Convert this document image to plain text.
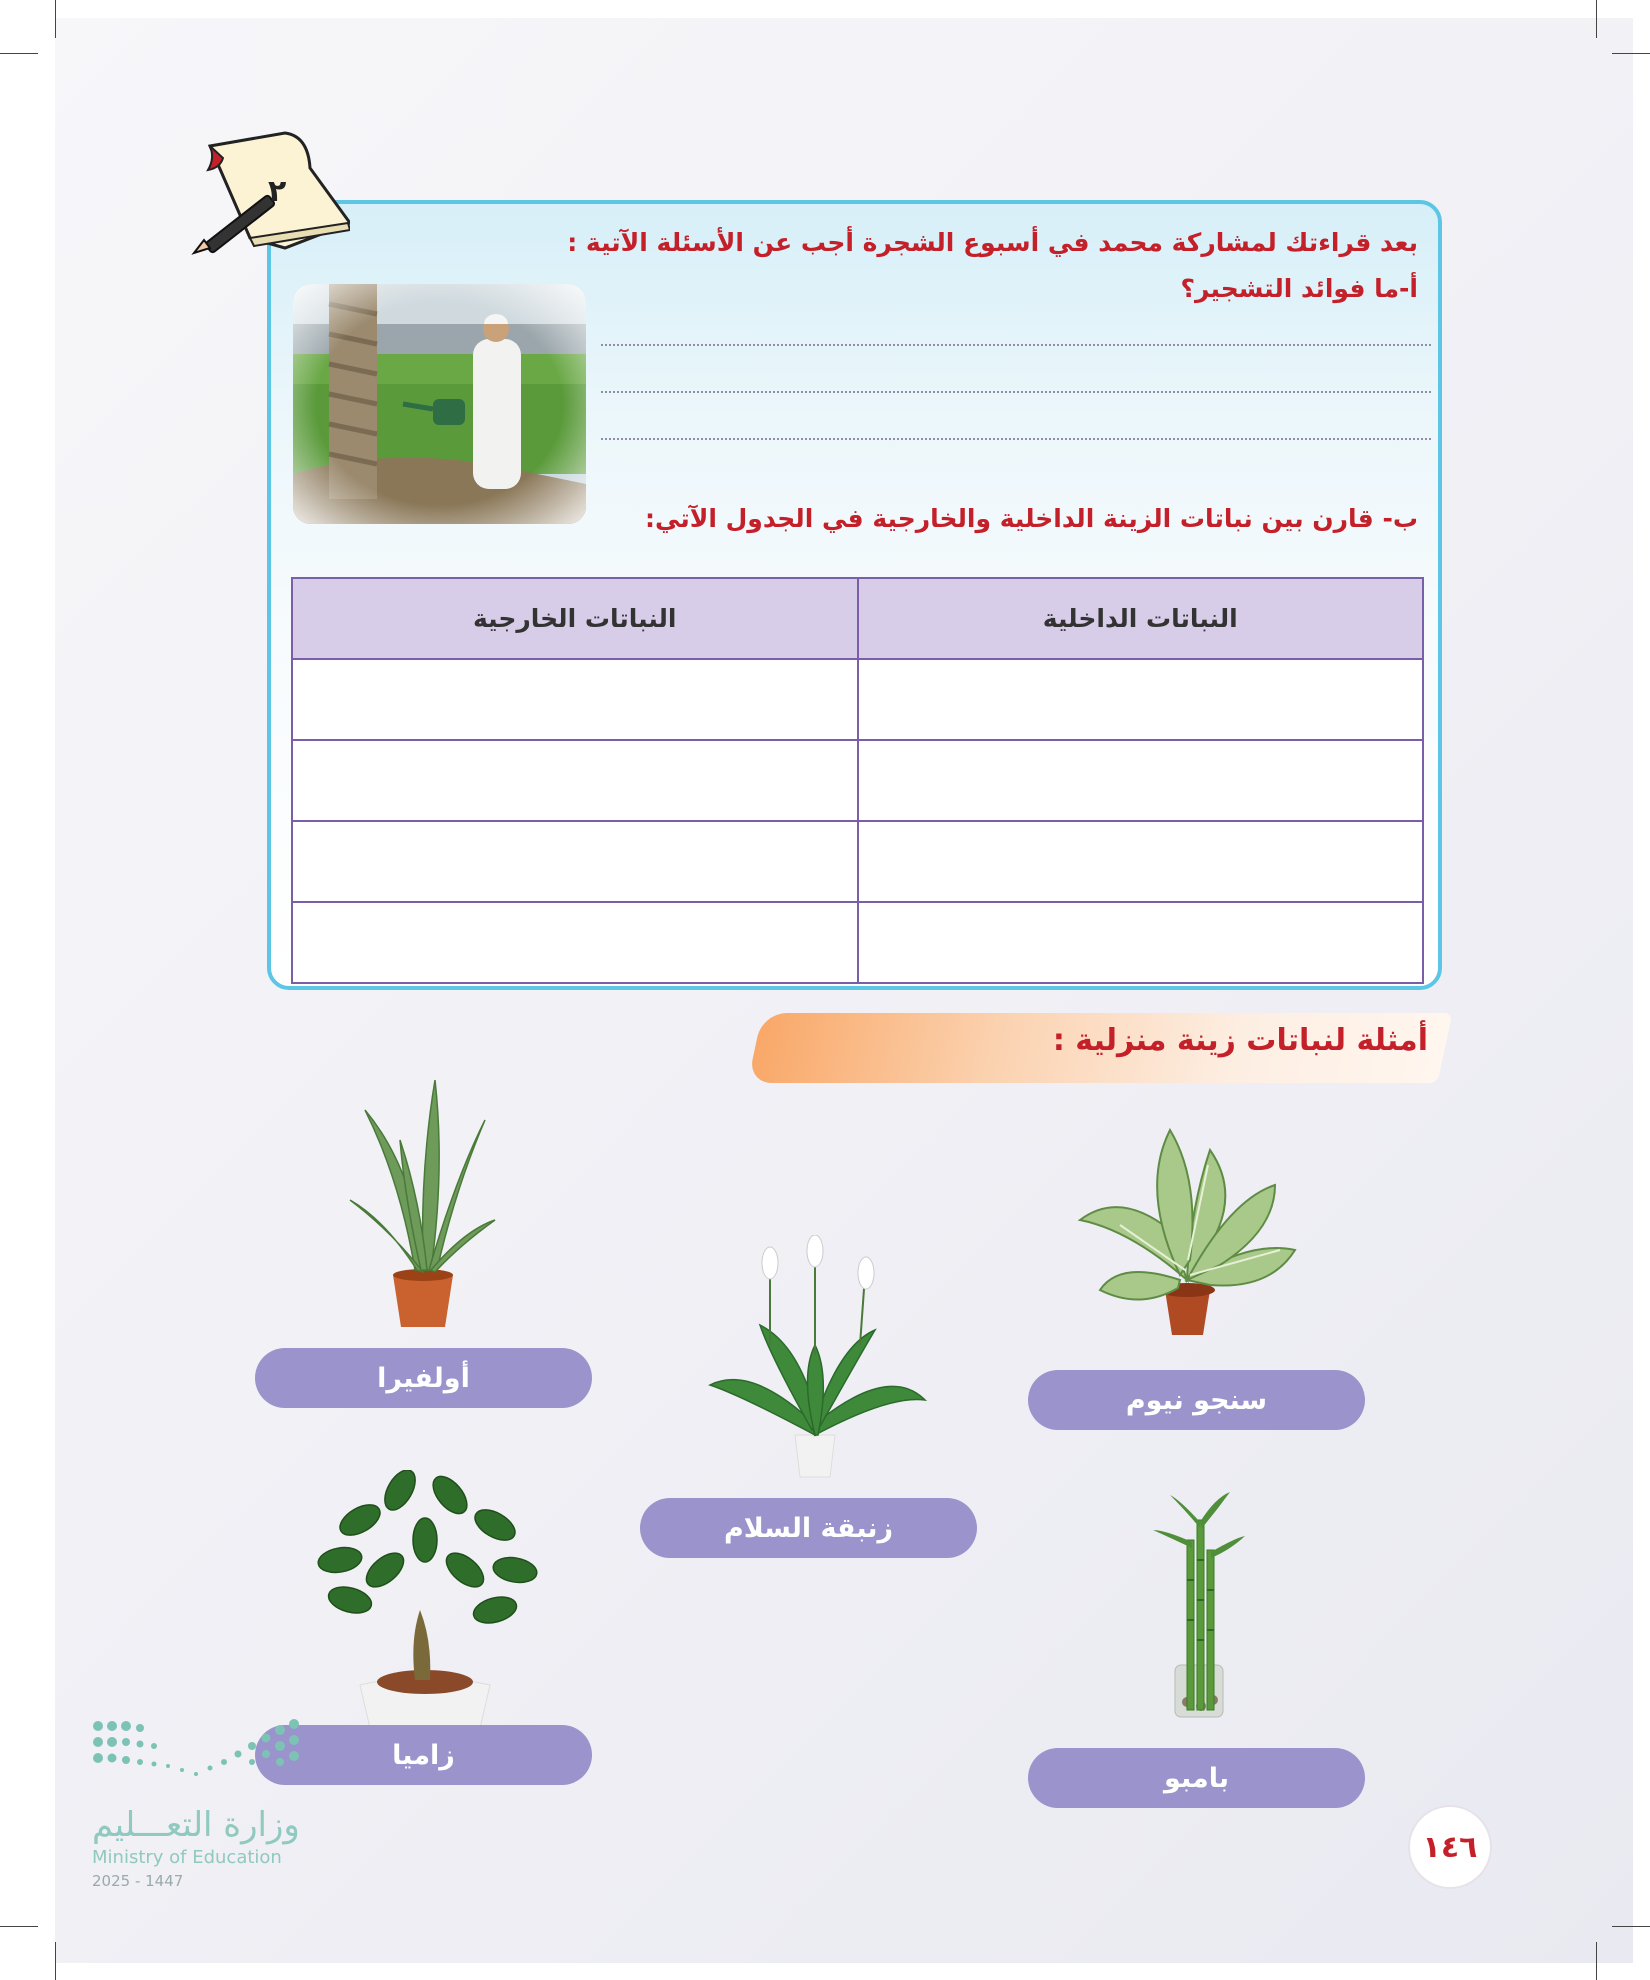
بعد قراءتك لمشاركة محمد في أسبوع الشجرة أجب عن الأسئلة الآتية :
أ-ما فوائد التشجير؟
ب- قارن بين نباتات الزينة الداخلية والخارجية في الجدول الآتي:
النباتات الداخلية	النباتات الخارجية

٢
أمثلة لنباتات زينة منزلية :
سنجو نيوم
زنبقة السلام
أولفيرا
بامبو
زاميا
وزارة التعـــليم
Ministry of Education
2025 - 1447
١٤٦
